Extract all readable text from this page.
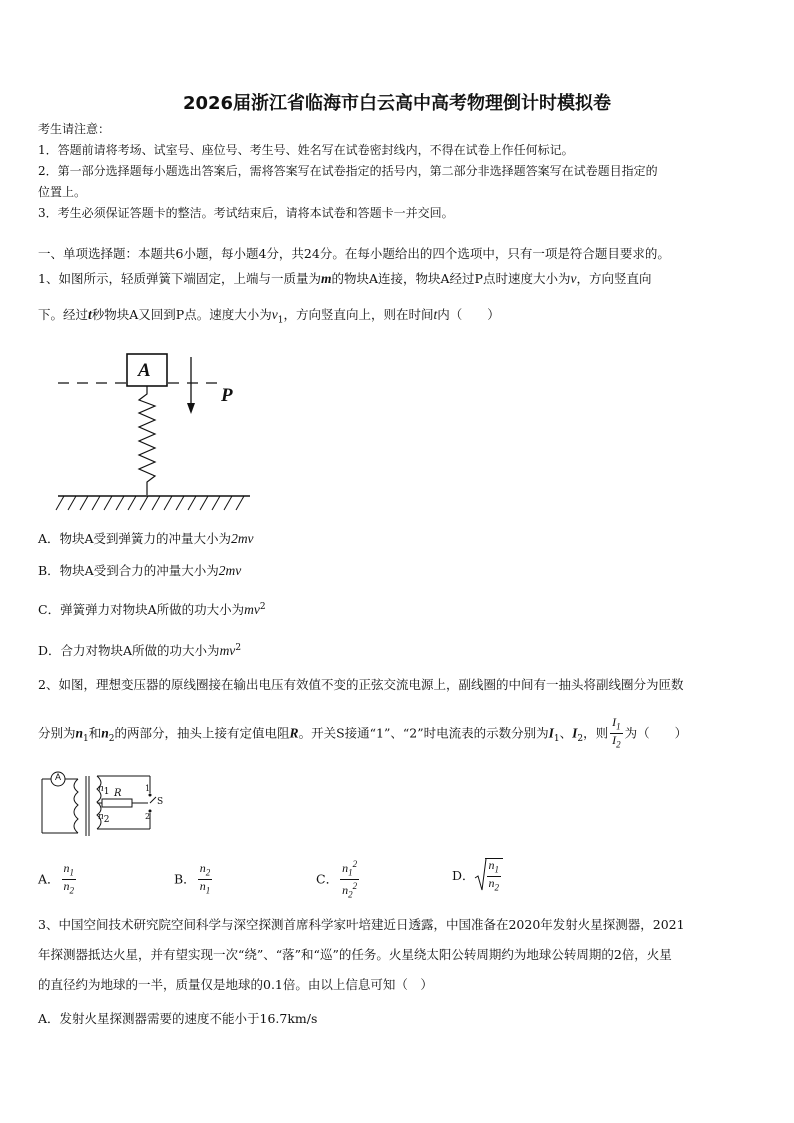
2026届浙江省临海市白云高中高考物理倒计时模拟卷
考生请注意：
1．答题前请将考场、试室号、座位号、考生号、姓名写在试卷密封线内，不得在试卷上作任何标记。
2．第一部分选择题每小题选出答案后，需将答案写在试卷指定的括号内，第二部分非选择题答案写在试卷题目指定的
位置上。
3．考生必须保证答题卡的整洁。考试结束后，请将本试卷和答题卡一并交回。
一、单项选择题：本题共6小题，每小题4分，共24分。在每小题给出的四个选项中，只有一项是符合题目要求的。
1、如图所示，轻质弹簧下端固定，上端与一质量为m的物块A连接，物块A经过P点时速度大小为v，方向竖直向
下。经过t秒物块A又回到P点。速度大小为$v_1$，方向竖直向上，则在时间t内（　　）
A
P
A．物块A受到弹簧力的冲量大小为2mv
B．物块A受到合力的冲量大小为2mv
C．弹簧弹力对物块A所做的功大小为$mv^2$
D．合力对物块A所做的功大小为$mv^2$
2、如图，理想变压器的原线圈接在输出电压有效值不变的正弦交流电源上，副线圈的中间有一抽头将副线圈分为匝数
分别为$n_1$和$n_2$的两部分，抽头上接有定值电阻R。开关S接通“1”、“2”时电流表的示数分别为$I_1$、$I_2$，则 $\frac{I_1}{I_2}$ 为（　　）
A
$n_1$
$n_2$
R	1
2
S
A． $\frac{n_1}{n_2}$	B． $\frac{n_2}{n_1}$	C． $\frac{n_1^2}{n_2^2}$	D． $\frac{n_1}{n_2}$
3、中国空间技术研究院空间科学与深空探测首席科学家叶培建近日透露，中国准备在2020年发射火星探测器，2021
年探测器抵达火星，并有望实现一次“绕”、“落”和“巡”的任务。火星绕太阳公转周期约为地球公转周期的2倍，火星
的直径约为地球的一半，质量仅是地球的0.1倍。由以上信息可知（　）
A．发射火星探测器需要的速度不能小于16.7km/s
